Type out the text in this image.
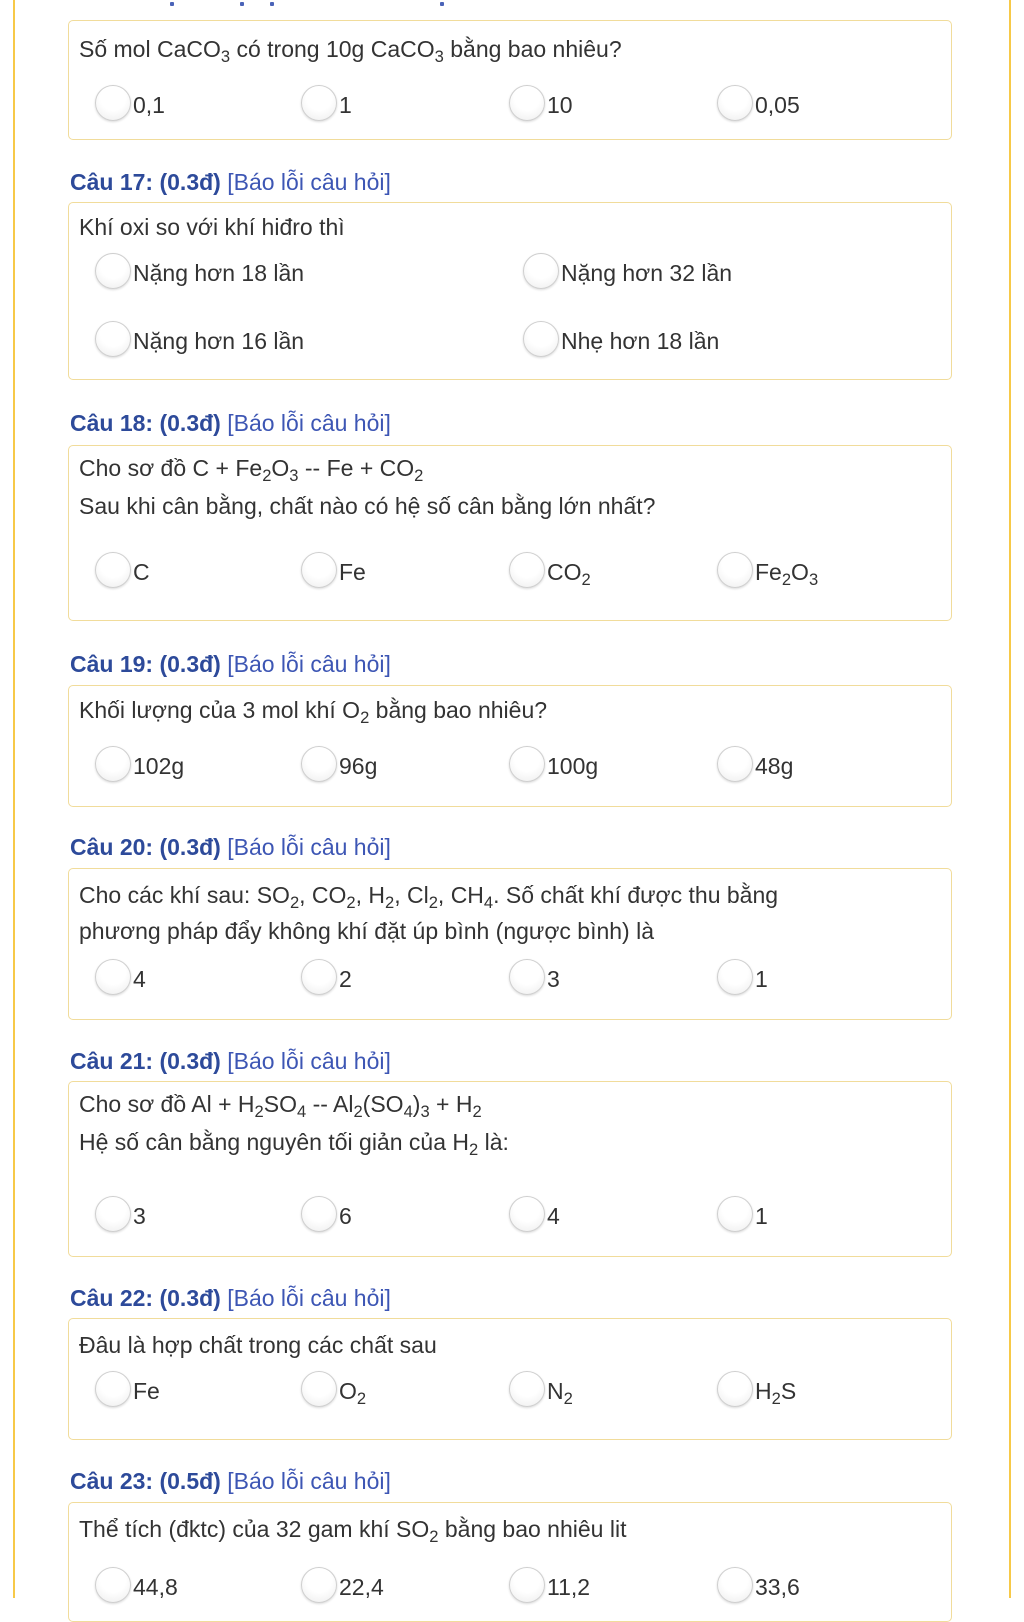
Số mol CaCO$_3$ có trong 10g CaCO$_3$ bằng bao nhiêu?
0,1	1	10	0,05
Câu 17: (0.3đ) [Báo lỗi câu hỏi]
Khí oxi so với khí hiđro thì
Nặng hơn 18 lần	Nặng hơn 32 lần
Nặng hơn 16 lần	Nhẹ hơn 18 lần
Câu 18: (0.3đ) [Báo lỗi câu hỏi]
Cho sơ đồ $C + Fe_2O_3 -- Fe + CO_2$
Sau khi cân bằng, chất nào có hệ số cân bằng lớn nhất?
C	Fe	$CO_2$	$Fe_2O_3$
Câu 19: (0.3đ) [Báo lỗi câu hỏi]
Khối lượng của 3 mol khí $O_2$ bằng bao nhiêu?
102g	96g	100g	48g
Câu 20: (0.3đ) [Báo lỗi câu hỏi]
Cho các khí sau: $SO_2$, $CO_2$, $H_2$, $Cl_2$, $CH_4$. Số chất khí được thu bằng
phương pháp đẩy không khí đặt úp bình (ngược bình) là
4	2	3	1
Câu 21: (0.3đ) [Báo lỗi câu hỏi]
Cho sơ đồ $Al + H_2SO_4 -- Al_2(SO_4)_3 + H_2$
Hệ số cân bằng nguyên tối giản của $H_2$ là:
3	6	4	1
Câu 22: (0.3đ) [Báo lỗi câu hỏi]
Đâu là hợp chất trong các chất sau
Fe	$O_2$	$N_2$	$H_2S$
Câu 23: (0.5đ) [Báo lỗi câu hỏi]
Thể tích (đktc) của 32 gam khí $SO_2$ bằng bao nhiêu lit
44,8	22,4	11,2	33,6
